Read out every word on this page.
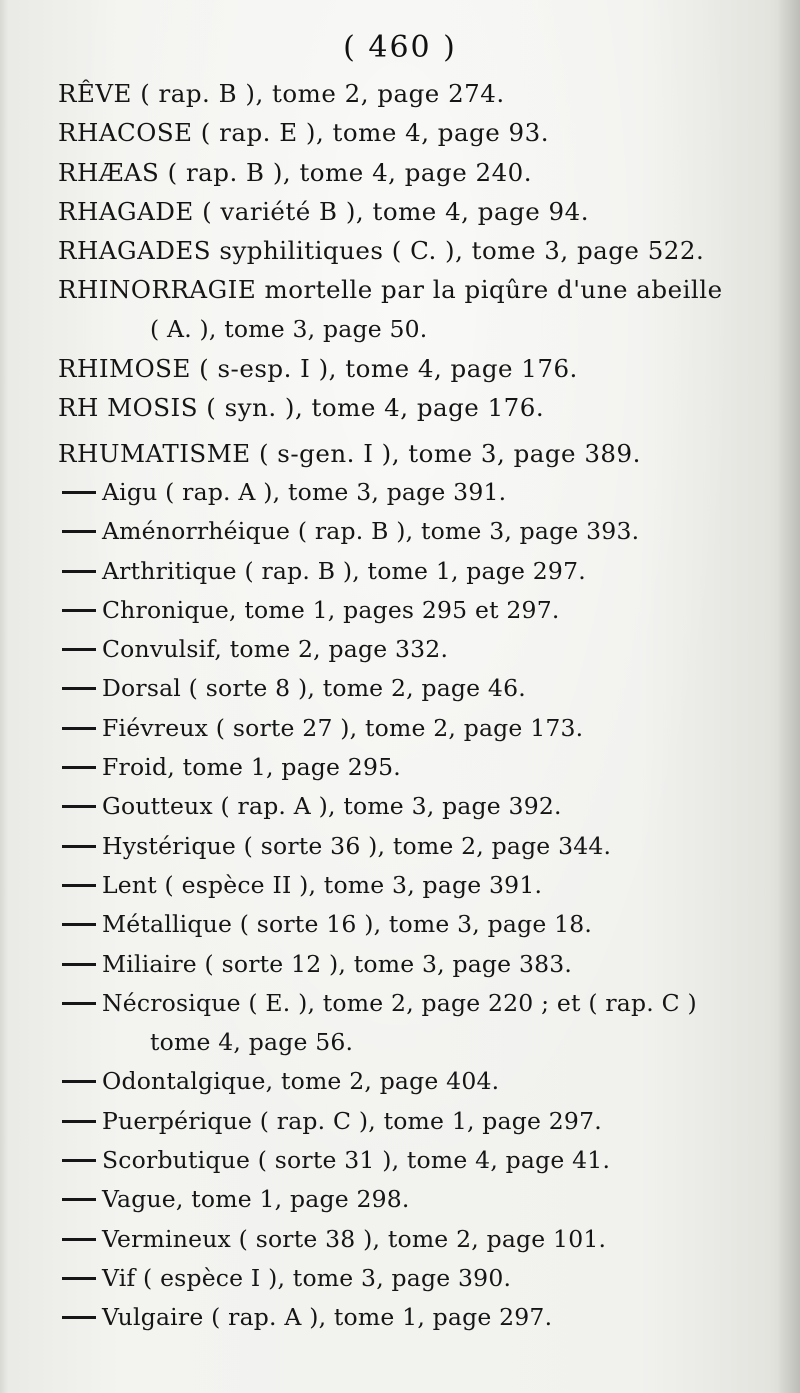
( 460 )
RÊVE ( rap. B ), tome 2, page 274.
RHACOSE ( rap. E ), tome 4, page 93.
RHÆAS ( rap. B ), tome 4, page 240.
RHAGADE ( variété B ), tome 4, page 94.
RHAGADES syphilitiques ( C. ), tome 3, page 522.
RHINORRAGIE mortelle par la piqûre d'une abeille
( A. ), tome 3, page 50.
RHIMOSE ( s-esp. I ), tome 4, page 176.
RH MOSIS ( syn. ), tome 4, page 176.
RHUMATISME ( s-gen. I ), tome 3, page 389.
Aigu ( rap. A ), tome 3, page 391.
Aménorrhéique ( rap. B ), tome 3, page 393.
Arthritique ( rap. B ), tome 1, page 297.
Chronique, tome 1, pages 295 et 297.
Convulsif, tome 2, page 332.
Dorsal ( sorte 8 ), tome 2, page 46.
Fiévreux ( sorte 27 ), tome 2, page 173.
Froid, tome 1, page 295.
Goutteux ( rap. A ), tome 3, page 392.
Hystérique ( sorte 36 ), tome 2, page 344.
Lent ( espèce II ), tome 3, page 391.
Métallique ( sorte 16 ), tome 3, page 18.
Miliaire ( sorte 12 ), tome 3, page 383.
Nécrosique ( E. ), tome 2, page 220 ; et ( rap. C )
tome 4, page 56.
Odontalgique, tome 2, page 404.
Puerpérique ( rap. C ), tome 1, page 297.
Scorbutique ( sorte 31 ), tome 4, page 41.
Vague, tome 1, page 298.
Vermineux ( sorte 38 ), tome 2, page 101.
Vif ( espèce I ), tome 3, page 390.
Vulgaire ( rap. A ), tome 1, page 297.
